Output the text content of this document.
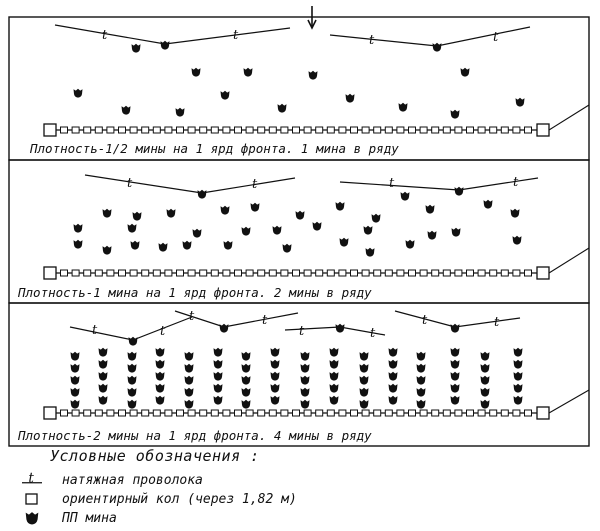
t	t	t	t
t	t	t	t
t	t
t	t
t	t
t	t
Плотность-1/2 мины на 1 ярд фронта. 1 мина в ряду
Плотность-1 мина на 1 ярд фронта. 2 мины в ряду
Плотность-2 мины на 1 ярд фронта. 4 мины в ряду
Условные обозначения :
t натяжная проволока
ориентирный кол (через 1,82 м)
ПП мина
